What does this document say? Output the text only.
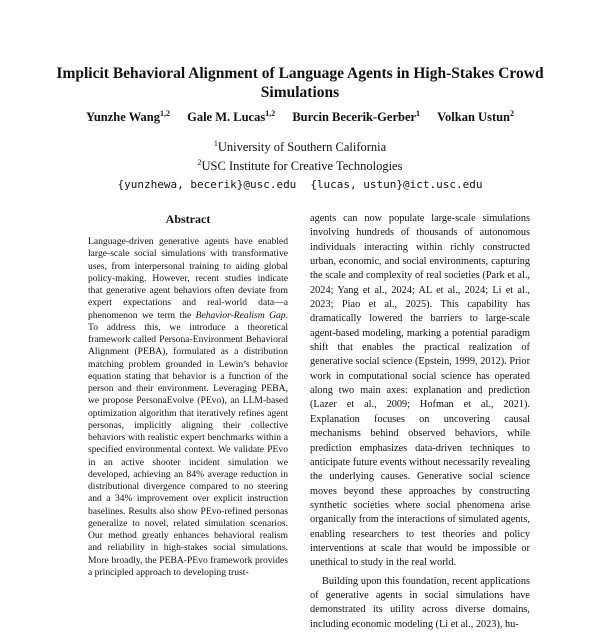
Implicit Behavioral Alignment of Language Agents in High-Stakes Crowd Simulations
Yunzhe Wang$^{1,2}$ Gale M. Lucas$^{1,2}$ Burcin Becerik-Gerber$^1$ Volkan Ustun$^2$
$^1$University of Southern California
$^2$USC Institute for Creative Technologies
{yunzhewa, becerik}@usc.edu {lucas, ustun}@ict.usc.edu
Abstract

Language-driven generative agents have enabled large-scale social simulations with transformative uses, from interpersonal training to aiding global policy-making. However, recent studies indicate that generative agent behaviors often deviate from expert expectations and real-world data—a phenomenon we term the Behavior-Realism Gap. To address this, we introduce a theoretical framework called Persona-Environment Behavioral Alignment (PEBA), formulated as a distribution matching problem grounded in Lewin’s behavior equation stating that behavior is a function of the person and their environment. Leveraging PEBA, we propose PersonaEvolve (PEvo), an LLM-based optimization algorithm that iteratively refines agent personas, implicitly aligning their collective behaviors with realistic expert benchmarks within a specified environmental context. We validate PEvo in an active shooter incident simulation we developed, achieving an 84% average reduction in distributional divergence compared to no steering and a 34% improvement over explicit instruction baselines. Results also show PEvo-refined personas generalize to novel, related simulation scenarios. Our method greatly enhances behavioral realism and reliability in high-stakes social simulations. More broadly, the PEBA-PEvo framework provides a principled approach to developing trust-

agents can now populate large-scale simulations involving hundreds of thousands of autonomous individuals interacting within richly constructed urban, economic, and social environments, capturing the scale and complexity of real societies (Park et al., 2024; Yang et al., 2024; AL et al., 2024; Li et al., 2023; Piao et al., 2025). This capability has dramatically lowered the barriers to large-scale agent-based modeling, marking a potential paradigm shift that enables the practical realization of generative social science (Epstein, 1999, 2012). Prior work in computational social science has operated along two main axes: explanation and prediction (Lazer et al., 2009; Hofman et al., 2021). Explanation focuses on uncovering causal mechanisms behind observed behaviors, while prediction emphasizes data-driven techniques to anticipate future events without necessarily revealing the underlying causes. Generative social science moves beyond these approaches by constructing synthetic societies where social phenomena arise organically from the interactions of simulated agents, enabling researchers to test theories and policy interventions at scale that would be impossible or unethical to study in the real world.

Building upon this foundation, recent applications of generative agents in social simulations have demonstrated its utility across diverse domains, including economic modeling (Li et al., 2023), hu-
